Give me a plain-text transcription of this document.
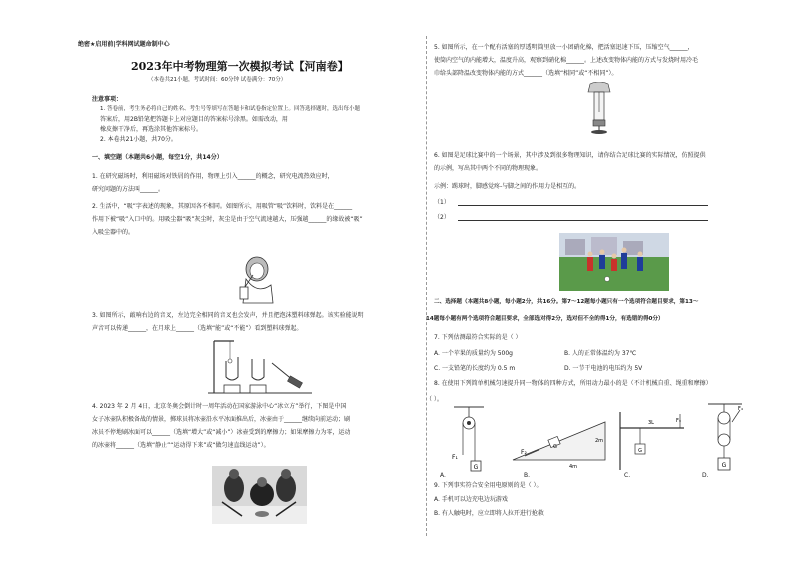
绝密★启用前|学科网试题命制中心
2023年中考物理第一次模拟考试【河南卷】
（本卷共21小题，考试时间：60分钟 试卷满分：70分）
注意事项：
1. 答卷前，考生务必将自己的姓名、考生号等填写在答题卡和试卷指定位置上。回答选择题时，选出每小题
答案后，用2B铅笔把答题卡上对应题目的答案标号涂黑。如需改动，用
橡皮擦干净后，再选涂其他答案标号。
2. 本卷共21小题，共70分。
一、填空题（本题共6小题，每空1分，共14分）
1. 在研究磁场时，利用磁场对铁屑的作用，物理上引入______的概念，研究电流热效应时，
研究问题的方法叫______。
2. 生活中，“吸”字表述的现象，其原因各不相同。如图所示，用吸管“吸”饮料时，饮料是在______
作用下被“吸”入口中的。用吸尘器“吸”灰尘时，灰尘是由于空气流速越大，压强越______的缘故被“吸”
入吸尘器中的。
3. 如图所示，敲响右边的音叉，左边完全相同的音叉也会发声，并且把泡沫塑料球弹起。该实验能说明
声音可以传递______，在月球上______（选填“能”或“不能”）看到塑料球弹起。
4. 2023 年 2 月 4日，北京冬奥会倒计时一周年活动在国家游泳中心“冰立方”举行，下图是中国
女子冰壶队积极备战的情景，掷球员将冰壶沿水平冰面推出后，冰壶由于______继续向前运动；刷
冰员不停地刷冰面可以______（选填“增大”或“减小”）冰壶受到的摩擦力；如果摩擦力为零，运动
的冰壶将______（选填“静止”“运动得下来”或“做匀速直线运动”）。
5. 如图所示，在一个配有活塞的厚透明筒里放一小团硝化棉，把活塞迅速下压，压缩空气______，
使筒内空气的内能增大，温度升高，观察到硝化棉______。上述改变物体内能的方式与发烧时用冷毛
巾给头部降温改变物体内能的方式______（选填“相同”或“不相同”）。
6. 如图是足球比赛中的一个场景，其中涉及到很多物理知识，请你结合足球比赛的实际情况，仿照提供
的示例，写出其中两个不同的物理现象。
示例：踢球时，脚感觉疼-与脚之间的作用力是相互的。
（1）
（2）
二、选择题（本题共8小题，每小题2分，共16分。第7～12题每小题只有一个选项符合题目要求，第13～
14题每小题有两个选项符合题目要求，全部选对得2分，选对但不全的得1分，有选错的得0分）
7. 下列估测最符合实际的是（ ）
A. 一个苹果的质量约为 500g	B. 人的正常体温约为 37℃
C. 一支铅笔的长度约为 0.5 m	D. 一节干电池的电压约为 5V
8. 在使用下列简单机械匀速提升同一物体的四种方式，所用动力最小的是（不计机械自重、绳重和摩擦）
（ ）。
G
F₁
F₂
G
4m
2m
G
F₃
3L
G
F₄
A.	B.	C.	D.
9. 下列事实符合安全用电原则的是（ ）。
A. 手机可以边充电边玩游戏
B. 有人触电时，应立即将人拉开进行抢救
